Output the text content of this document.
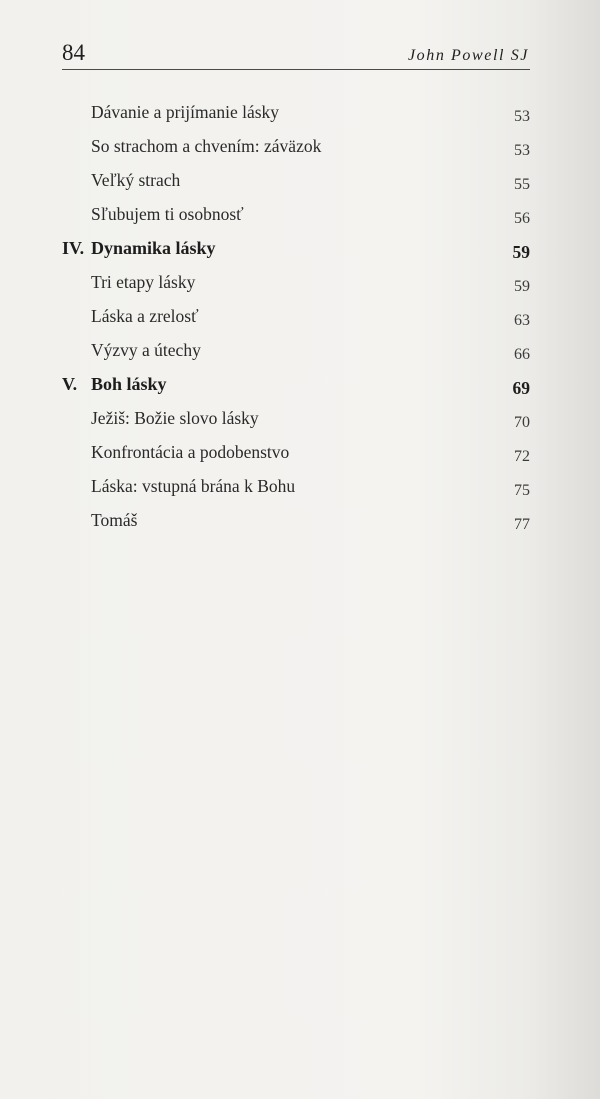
84	John Powell SJ
Dávanie a prijímanie lásky	53
So strachom a chvením: záväzok	53
Veľký strach	55
Sľubujem ti osobnosť	56
IV. Dynamika lásky	59
Tri etapy lásky	59
Láska a zrelosť	63
Výzvy a útechy	66
V. Boh lásky	69
Ježiš: Božie slovo lásky	70
Konfrontácia a podobenstvo	72
Láska: vstupná brána k Bohu	75
Tomáš	77
